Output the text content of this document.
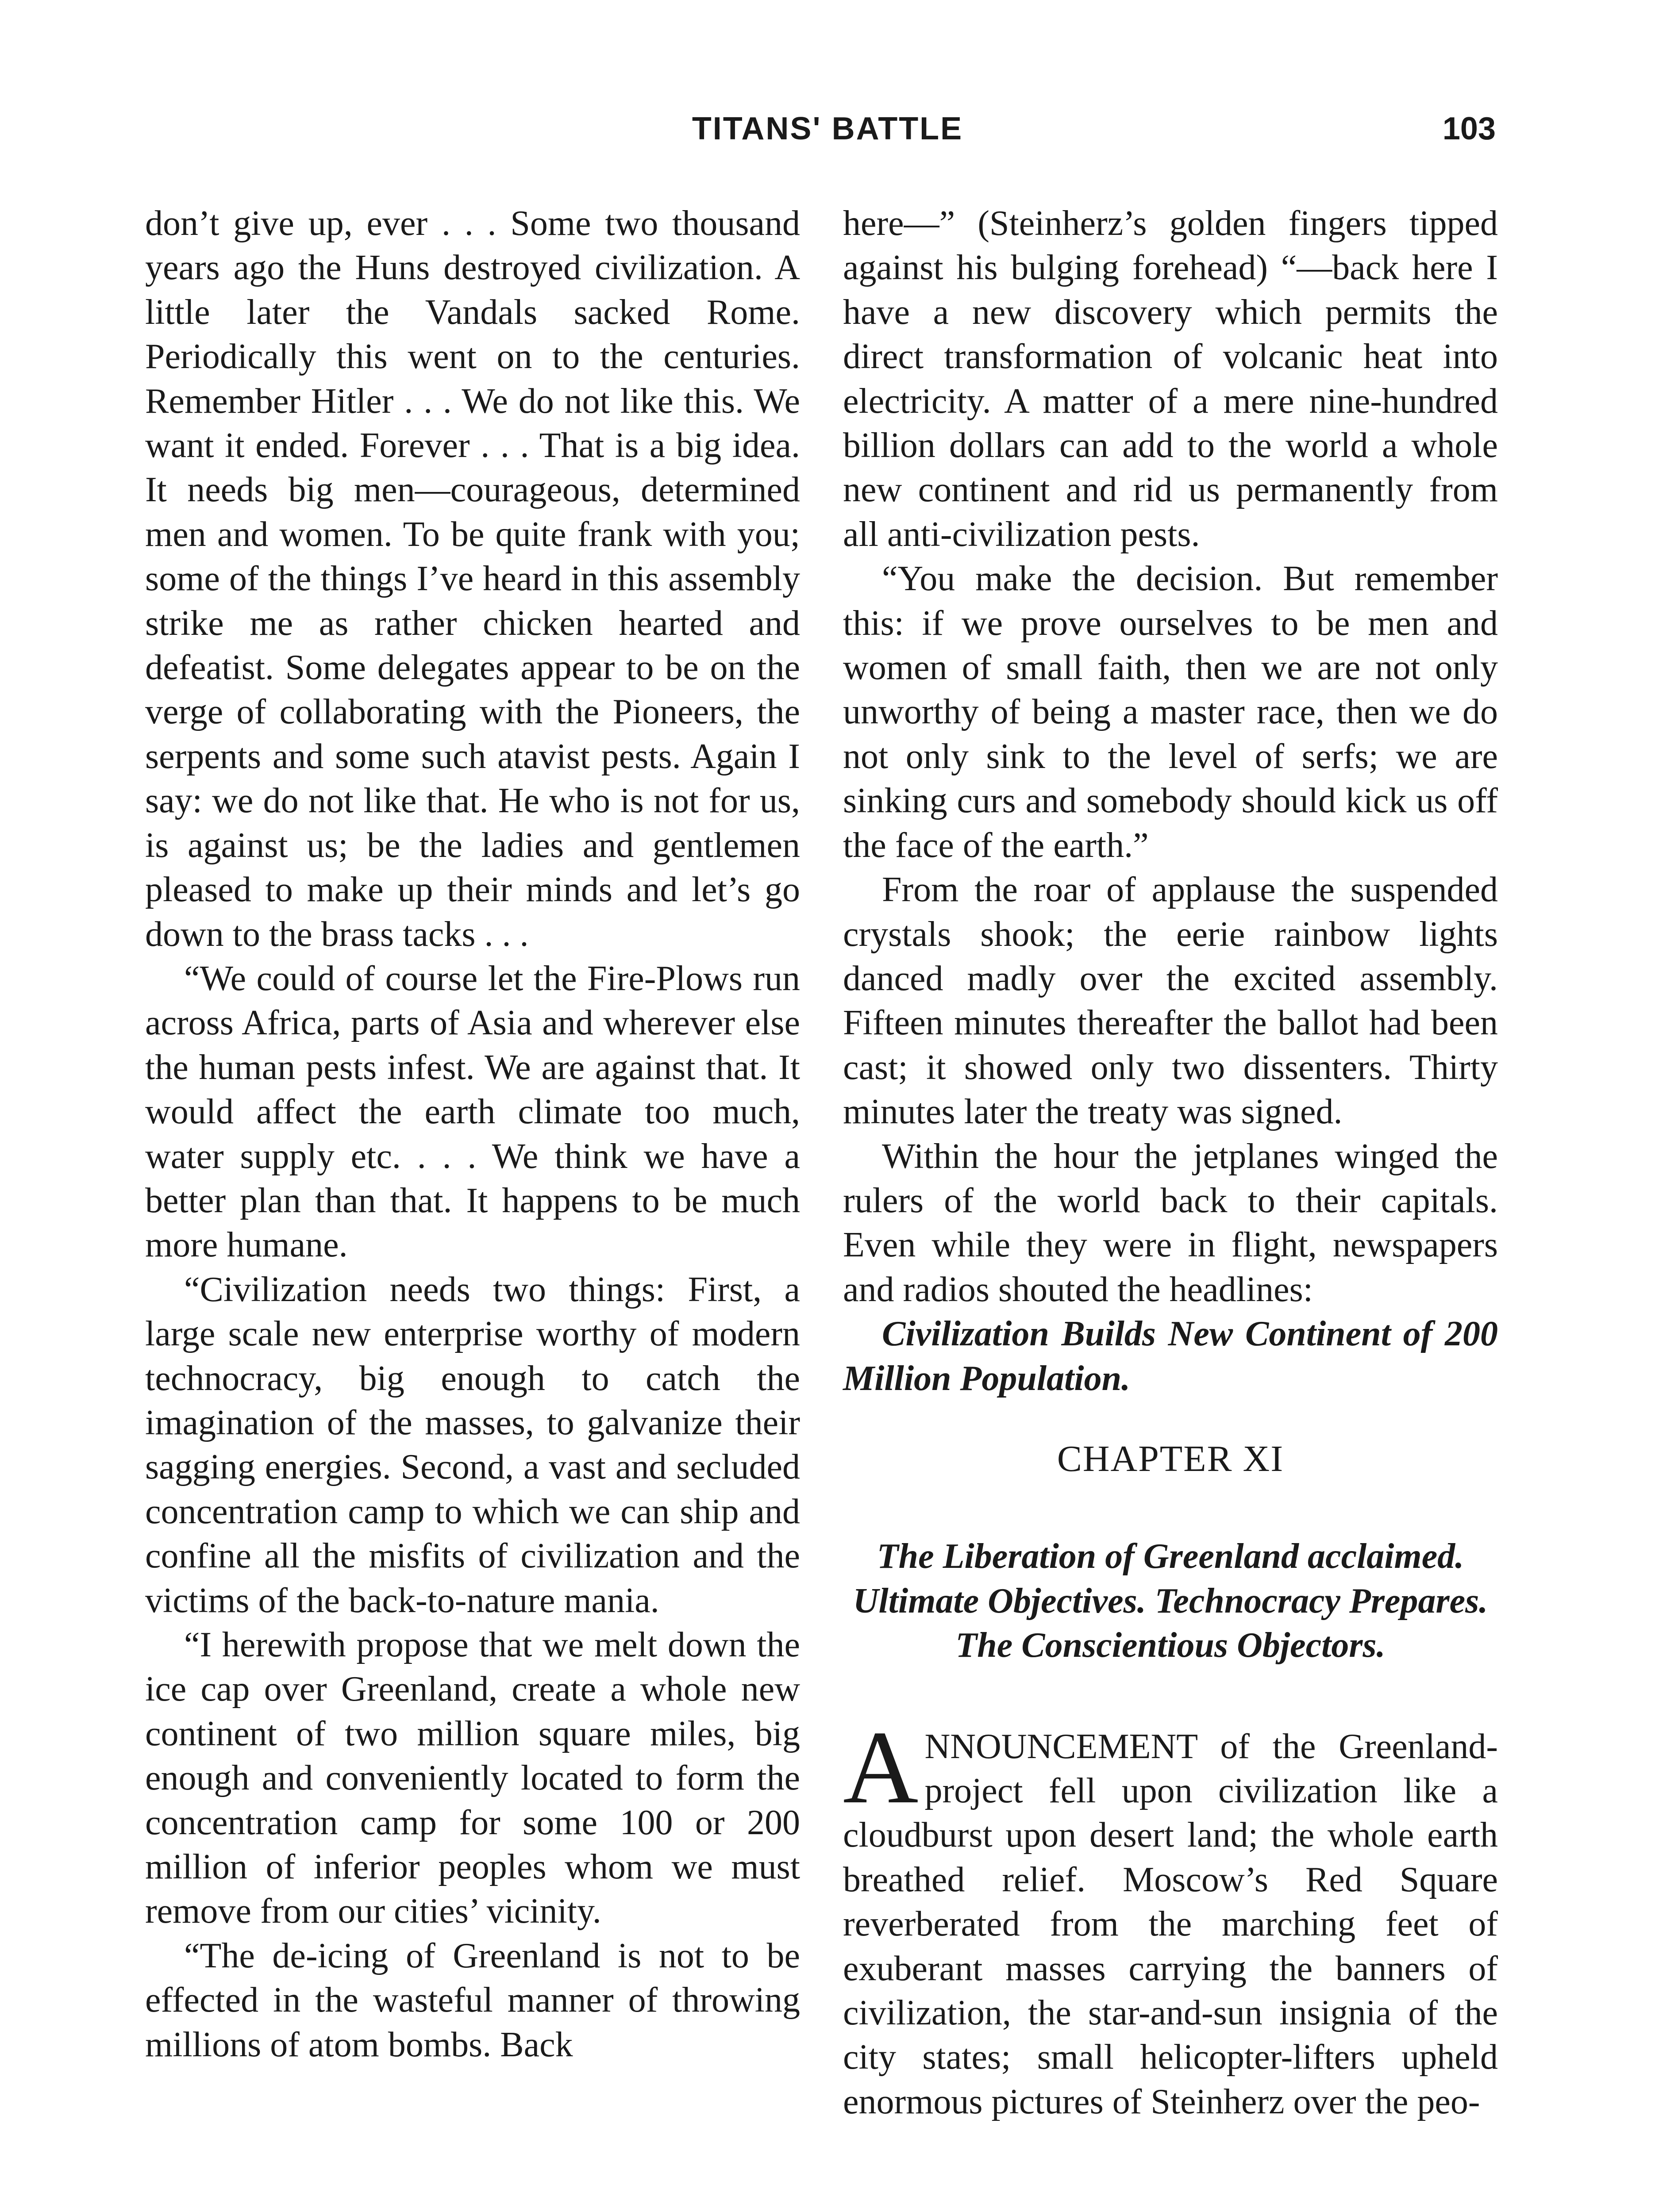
TITANS' BATTLE	103

don’t give up, ever . . . Some two thousand years ago the Huns destroyed civilization. A little later the Vandals sacked Rome. Periodically this went on to the centuries. Remember Hitler . . . We do not like this. We want it ended. Forever . . . That is a big idea. It needs big men—courageous, determined men and women. To be quite frank with you; some of the things I’ve heard in this assembly strike me as rather chicken hearted and defeatist. Some delegates appear to be on the verge of collaborating with the Pioneers, the serpents and some such atavist pests. Again I say: we do not like that. He who is not for us, is against us; be the ladies and gentlemen pleased to make up their minds and let’s go down to the brass tacks . . .

“We could of course let the Fire-Plows run across Africa, parts of Asia and wherever else the human pests infest. We are against that. It would affect the earth climate too much, water supply etc. . . . We think we have a better plan than that. It happens to be much more humane.

“Civilization needs two things: First, a large scale new enterprise worthy of modern technocracy, big enough to catch the imagination of the masses, to galvanize their sagging energies. Second, a vast and secluded concentration camp to which we can ship and confine all the misfits of civilization and the victims of the back-to-nature mania.

“I herewith propose that we melt down the ice cap over Greenland, create a whole new continent of two million square miles, big enough and conveniently located to form the concentration camp for some 100 or 200 million of inferior peoples whom we must remove from our cities’ vicinity.

“The de-icing of Greenland is not to be effected in the wasteful manner of throwing millions of atom bombs. Back

here—” (Steinherz’s golden fingers tipped against his bulging forehead) “—back here I have a new discovery which permits the direct transformation of volcanic heat into electricity. A matter of a mere nine-hundred billion dollars can add to the world a whole new continent and rid us permanently from all anti-civilization pests.

“You make the decision. But remember this: if we prove ourselves to be men and women of small faith, then we are not only unworthy of being a master race, then we do not only sink to the level of serfs; we are sinking curs and somebody should kick us off the face of the earth.”

From the roar of applause the suspended crystals shook; the eerie rainbow lights danced madly over the excited assembly. Fifteen minutes thereafter the ballot had been cast; it showed only two dissenters. Thirty minutes later the treaty was signed.

Within the hour the jetplanes winged the rulers of the world back to their capitals. Even while they were in flight, newspapers and radios shouted the headlines:

Civilization Builds New Continent of 200 Million Population.

CHAPTER XI
The Liberation of Greenland acclaimed. Ultimate Objectives. Technocracy Prepares. The Conscientious Objectors.

ANNOUNCEMENT of the Greenland-project fell upon civilization like a cloudburst upon desert land; the whole earth breathed relief. Moscow’s Red Square reverberated from the marching feet of exuberant masses carrying the banners of civilization, the star-and-sun insignia of the city states; small helicopter-lifters upheld enormous pictures of Steinherz over the peo-
